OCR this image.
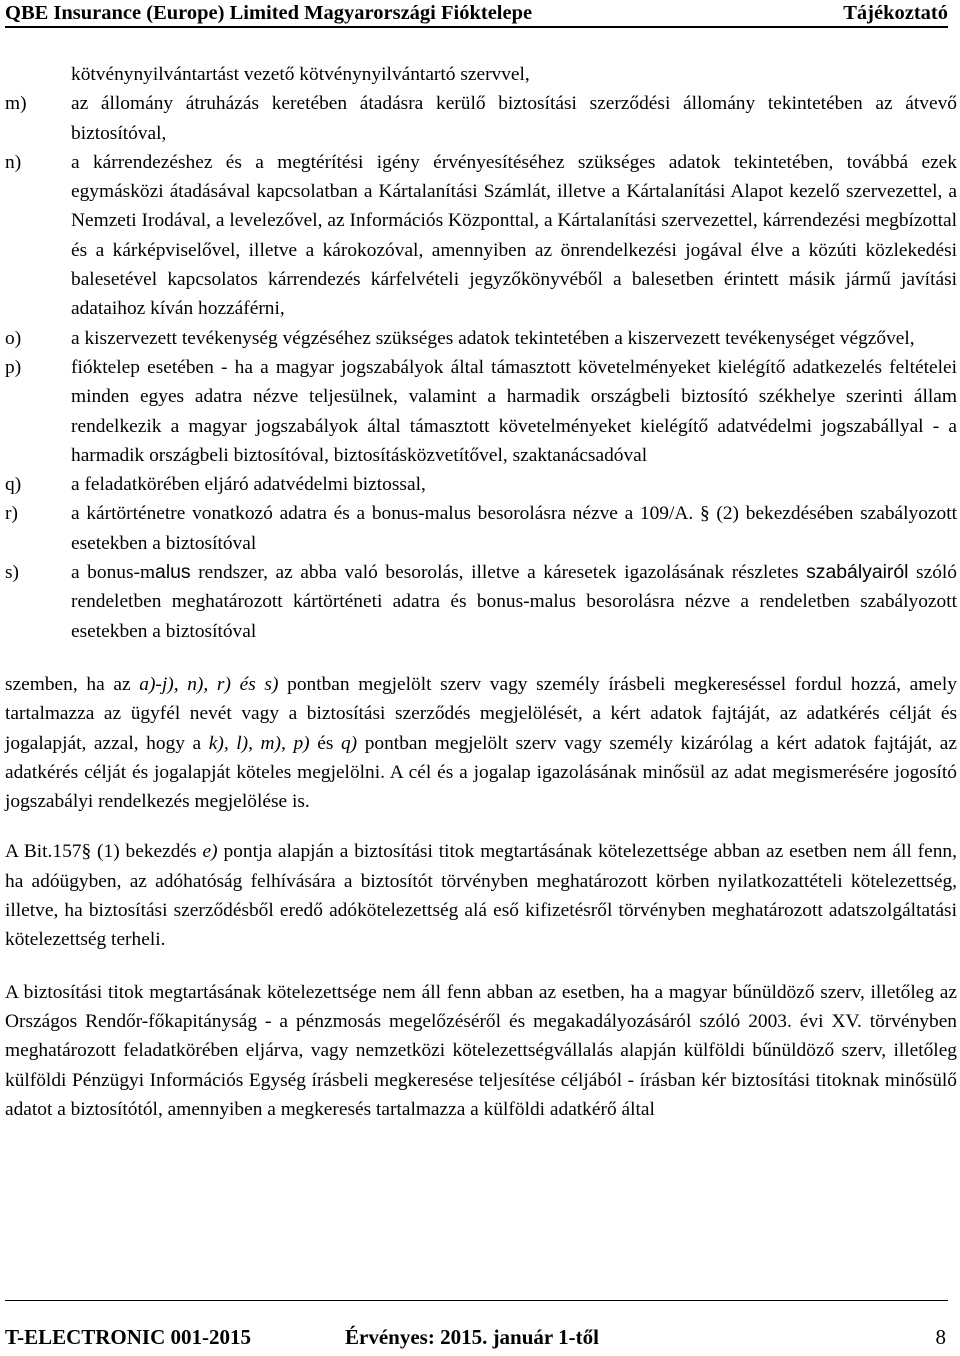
QBE Insurance (Europe) Limited Magyarországi Fióktelepe	Tájékoztató
kötvénynyilvántartást vezető kötvénynyilvántartó szervvel,
m)	az állomány átruházás keretében átadásra kerülő biztosítási szerződési állomány tekintetében az átvevő biztosítóval,
n)	a kárrendezéshez és a megtérítési igény érvényesítéséhez szükséges adatok tekintetében, továbbá ezek egymásközi átadásával kapcsolatban a Kártalanítási Számlát, illetve a Kártalanítási Alapot kezelő szervezettel, a Nemzeti Irodával, a levelezővel, az Információs Központtal, a Kártalanítási szervezettel, kárrendezési megbízottal és a kárképviselővel, illetve a károkozóval, amennyiben az önrendelkezési jogával élve a közúti közlekedési balesetével kapcsolatos kárrendezés kárfelvételi jegyzőkönyvéből a balesetben érintett másik jármű javítási adataihoz kíván hozzáférni,
o)	a kiszervezett tevékenység végzéséhez szükséges adatok tekintetében a kiszervezett tevékenységet végzővel,
p)	fióktelep esetében - ha a magyar jogszabályok által támasztott követelményeket kielégítő adatkezelés feltételei minden egyes adatra nézve teljesülnek, valamint a harmadik országbeli biztosító székhelye szerinti állam rendelkezik a magyar jogszabályok által támasztott követelményeket kielégítő adatvédelmi jogszabállyal - a harmadik országbeli biztosítóval, biztosításközvetítővel, szaktanácsadóval
q)	a feladatkörében eljáró adatvédelmi biztossal,
r)	a kártörténetre vonatkozó adatra és a bonus-malus besorolásra nézve a 109/A. § (2) bekezdésében szabályozott esetekben a biztosítóval
s)	a bonus-malus rendszer, az abba való besorolás, illetve a káresetek igazolásának részletes szabályairól szóló rendeletben meghatározott kártörténeti adatra és bonus-malus besorolásra nézve a rendeletben szabályozott esetekben a biztosítóval

szemben, ha az a)-j), n), r) és s) pontban megjelölt szerv vagy személy írásbeli megkereséssel fordul hozzá, amely tartalmazza az ügyfél nevét vagy a biztosítási szerződés megjelölését, a kért adatok fajtáját, az adatkérés célját és jogalapját, azzal, hogy a k), l), m), p) és q) pontban megjelölt szerv vagy személy kizárólag a kért adatok fajtáját, az adatkérés célját és jogalapját köteles megjelölni. A cél és a jogalap igazolásának minősül az adat megismerésére jogosító jogszabályi rendelkezés megjelölése is.

A Bit.157§ (1) bekezdés e) pontja alapján a biztosítási titok megtartásának kötelezettsége abban az esetben nem áll fenn, ha adóügyben, az adóhatóság felhívására a biztosítót törvényben meghatározott körben nyilatkozattételi kötelezettség, illetve, ha biztosítási szerződésből eredő adókötelezettség alá eső kifizetésről törvényben meghatározott adatszolgáltatási kötelezettség terheli.

A biztosítási titok megtartásának kötelezettsége nem áll fenn abban az esetben, ha a magyar bűnüldöző szerv, illetőleg az Országos Rendőr-főkapitányság - a pénzmosás megelőzéséről és megakadályozásáról szóló 2003. évi XV. törvényben meghatározott feladatkörében eljárva, vagy nemzetközi kötelezettségvállalás alapján külföldi bűnüldöző szerv, illetőleg külföldi Pénzügyi Információs Egység írásbeli megkeresése teljesítése céljából - írásban kér biztosítási titoknak minősülő adatot a biztosítótól, amennyiben a megkeresés tartalmazza a külföldi adatkérő által

T-ELECTRONIC 001-2015	Érvényes: 2015. január 1-től	8
